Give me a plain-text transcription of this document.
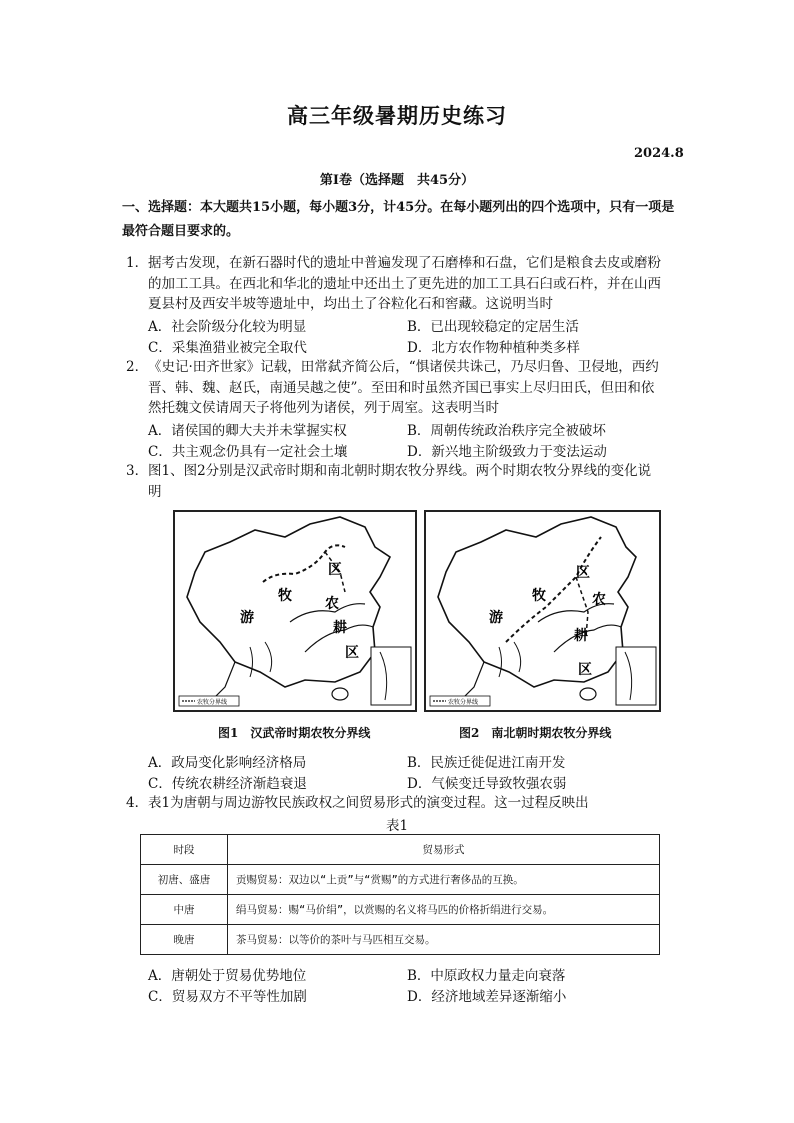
高三年级暑期历史练习
2024.8
第Ⅰ卷（选择题　共45分）
一、选择题：本大题共15小题，每小题3分，计45分。在每小题列出的四个选项中，只有一项是最符合题目要求的。
1． 据考古发现，在新石器时代的遗址中普遍发现了石磨棒和石盘，它们是粮食去皮或磨粉
的加工工具。在西北和华北的遗址中还出土了更先进的加工工具石臼或石杵，并在山西
夏县村及西安半坡等遗址中，均出土了谷粒化石和窖藏。这说明当时
A．社会阶级分化较为明显	B．已出现较稳定的定居生活
C．采集渔猎业被完全取代	D．北方农作物种植种类多样
2． 《史记·田齐世家》记载，田常弑齐简公后，“惧诸侯共诛己，乃尽归鲁、卫侵地，西约
晋、韩、魏、赵氏，南通吴越之使”。至田和时虽然齐国已事实上尽归田氏，但田和依
然托魏文侯请周天子将他列为诸侯，列于周室。这表明当时
A．诸侯国的卿大夫并未掌握实权	B．周朝传统政治秩序完全被破坏
C．共主观念仍具有一定社会土壤	D．新兴地主阶级致力于变法运动
3． 图1、图2分别是汉武帝时期和南北朝时期农牧分界线。两个时期农牧分界线的变化说
明
农牧分界线
游
牧
区
农
耕
区
图1　汉武帝时期农牧分界线
农牧分界线
游
牧
区
农
耕
区
图2　南北朝时期农牧分界线
A．政局变化影响经济格局	B．民族迁徙促进江南开发
C．传统农耕经济渐趋衰退	D．气候变迁导致牧强农弱
4． 表1为唐朝与周边游牧民族政权之间贸易形式的演变过程。这一过程反映出
表1
时段	贸易形式
初唐、盛唐	贡赐贸易：双边以“上贡”与“赏赐”的方式进行奢侈品的互换。
中唐	绢马贸易：赐“马价绢”，以赏赐的名义将马匹的价格折绢进行交易。
晚唐	茶马贸易：以等价的茶叶与马匹相互交易。
A．唐朝处于贸易优势地位	B．中原政权力量走向衰落
C．贸易双方不平等性加剧	D．经济地域差异逐渐缩小
